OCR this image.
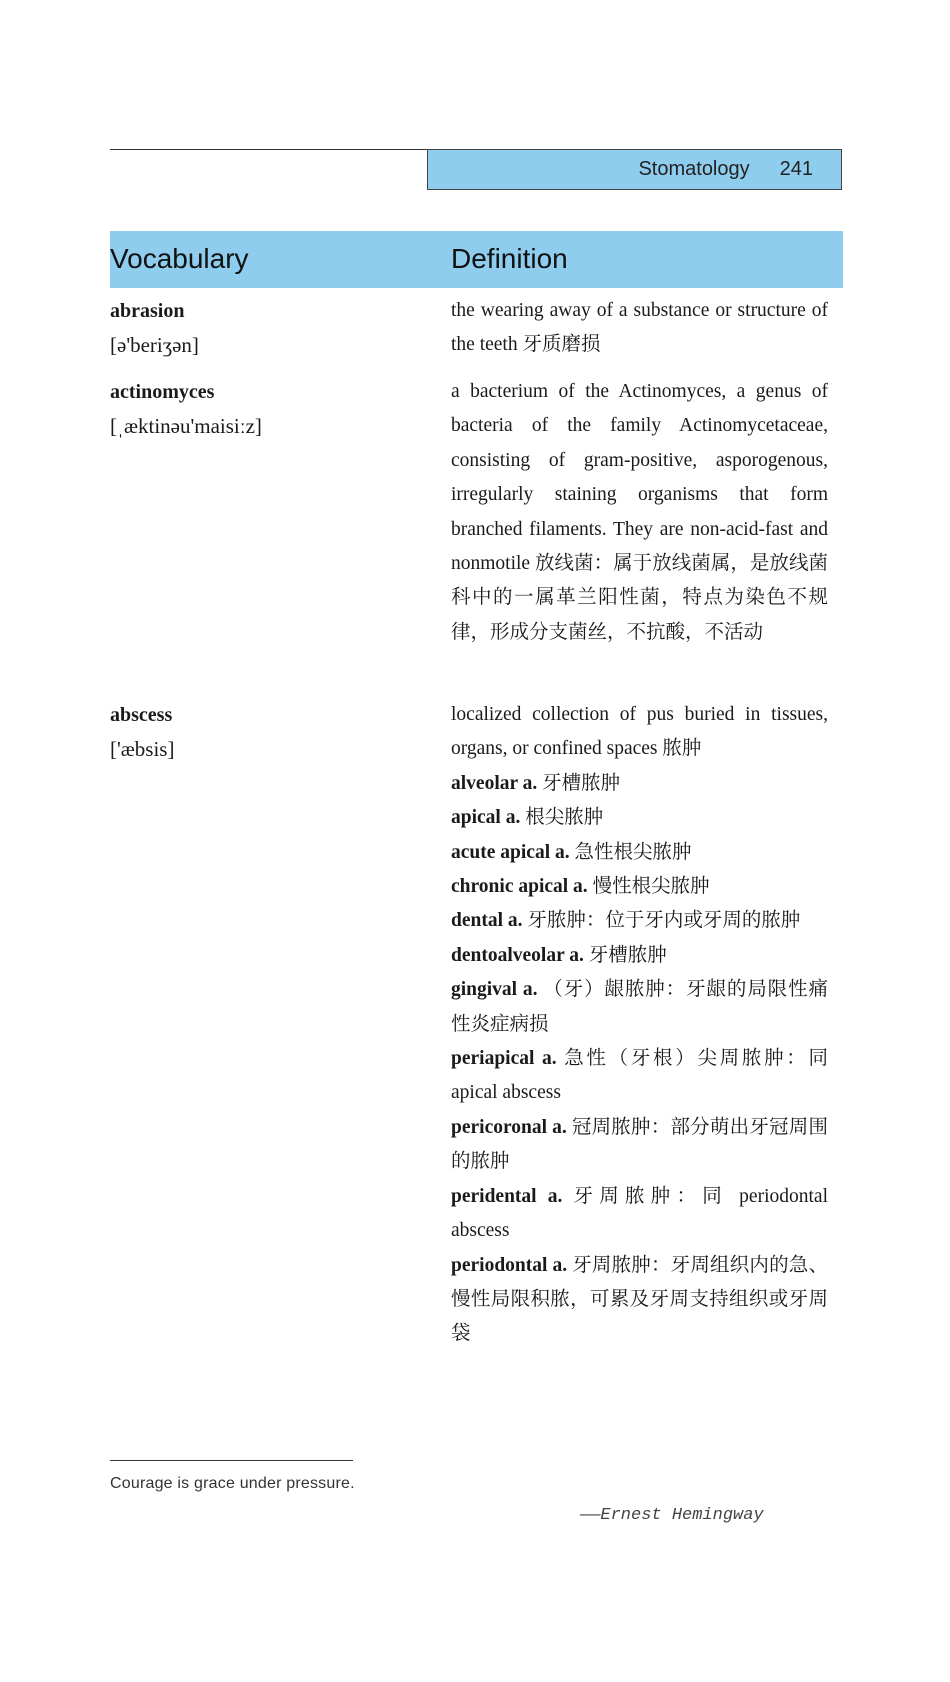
Stomatology 241
Vocabulary	Definition
abrasion
[ə'beriʒən]
the wearing away of a substance or structure of the teeth 牙质磨损
actinomyces
[ˌæktinəu'maisiːz]
a bacterium of the Actinomyces, a genus of bacteria of the family Actinomycetaceae, consisting of gram-positive, asporogenous, irregularly staining organisms that form branched filaments. They are non-acid-fast and nonmotile 放线菌：属于放线菌属，是放线菌科中的一属革兰阳性菌，特点为染色不规律，形成分支菌丝，不抗酸，不活动
abscess
['æbsis]
localized collection of pus buried in tissues, organs, or confined spaces 脓肿
alveolar a. 牙槽脓肿
apical a. 根尖脓肿
acute apical a. 急性根尖脓肿
chronic apical a. 慢性根尖脓肿
dental a. 牙脓肿：位于牙内或牙周的脓肿
dentoalveolar a. 牙槽脓肿
gingival a. （牙）龈脓肿：牙龈的局限性痛性炎症病损
periapical a. 急性（牙根）尖周脓肿：同 apical abscess
pericoronal a. 冠周脓肿：部分萌出牙冠周围的脓肿
peridental a. 牙周脓肿：同 periodontal abscess
periodontal a. 牙周脓肿：牙周组织内的急、慢性局限积脓，可累及牙周支持组织或牙周袋
Courage is grace under pressure.
——Ernest Hemingway
